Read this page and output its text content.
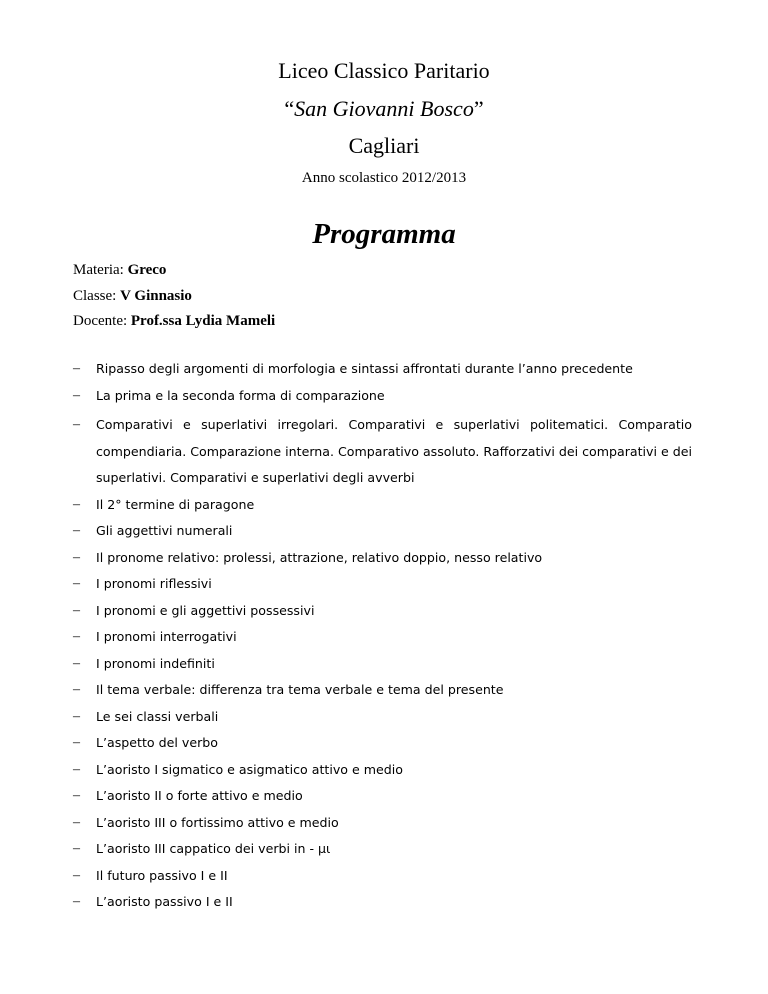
Liceo Classico Paritario
“San Giovanni Bosco”
Cagliari
Anno scolastico 2012/2013
Programma
Materia: Greco
Classe: V Ginnasio
Docente: Prof.ssa Lydia Mameli
– Ripasso degli argomenti di morfologia e sintassi affrontati durante l’anno precedente
– La prima e la seconda forma di comparazione
– Comparativi e superlativi irregolari. Comparativi e superlativi politematici. Comparatio compendiaria. Comparazione interna. Comparativo assoluto. Rafforzativi dei comparativi e dei superlativi. Comparativi e superlativi degli avverbi
– Il 2° termine di paragone
– Gli aggettivi numerali
– Il pronome relativo: prolessi, attrazione, relativo doppio, nesso relativo
– I pronomi riflessivi
– I pronomi e gli aggettivi possessivi
– I pronomi interrogativi
– I pronomi indefiniti
– Il tema verbale: differenza tra tema verbale e tema del presente
– Le sei classi verbali
– L’aspetto del verbo
– L’aoristo I sigmatico e asigmatico attivo e medio
– L’aoristo II o forte attivo e medio
– L’aoristo III o fortissimo attivo e medio
– L’aoristo III cappatico dei verbi in - μι
– Il futuro passivo I e II
– L’aoristo passivo I e II
